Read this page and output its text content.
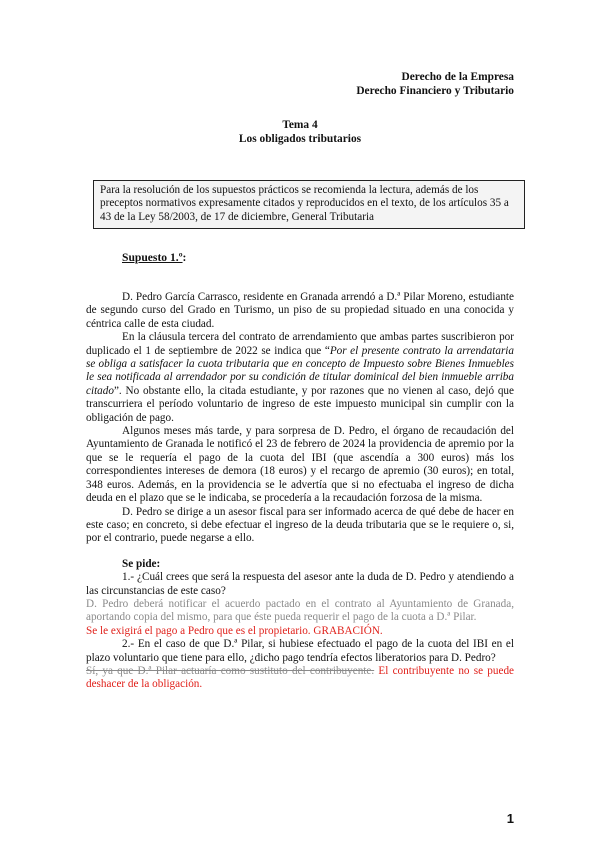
Derecho de la Empresa
Derecho Financiero y Tributario
Tema 4
Los obligados tributarios
Para la resolución de los supuestos prácticos se recomienda la lectura, además de los preceptos normativos expresamente citados y reproducidos en el texto, de los artículos 35 a 43 de la Ley 58/2003, de 17 de diciembre, General Tributaria
Supuesto 1.º:

D. Pedro García Carrasco, residente en Granada arrendó a D.ª Pilar Moreno, estudiante de segundo curso del Grado en Turismo, un piso de su propiedad situado en una conocida y céntrica calle de esta ciudad.

En la cláusula tercera del contrato de arrendamiento que ambas partes suscribieron por duplicado el 1 de septiembre de 2022 se indica que “Por el presente contrato la arrendataria se obliga a satisfacer la cuota tributaria que en concepto de Impuesto sobre Bienes Inmuebles le sea notificada al arrendador por su condición de titular dominical del bien inmueble arriba citado”. No obstante ello, la citada estudiante, y por razones que no vienen al caso, dejó que transcurriera el período voluntario de ingreso de este impuesto municipal sin cumplir con la obligación de pago.

Algunos meses más tarde, y para sorpresa de D. Pedro, el órgano de recaudación del Ayuntamiento de Granada le notificó el 23 de febrero de 2024 la providencia de apremio por la que se le requería el pago de la cuota del IBI (que ascendía a 300 euros) más los correspondientes intereses de demora (18 euros) y el recargo de apremio (30 euros); en total, 348 euros. Además, en la providencia se le advertía que si no efectuaba el ingreso de dicha deuda en el plazo que se le indicaba, se procedería a la recaudación forzosa de la misma.

D. Pedro se dirige a un asesor fiscal para ser informado acerca de qué debe de hacer en este caso; en concreto, si debe efectuar el ingreso de la deuda tributaria que se le requiere o, si, por el contrario, puede negarse a ello.

Se pide:

1.- ¿Cuál crees que será la respuesta del asesor ante la duda de D. Pedro y atendiendo a las circunstancias de este caso?

D. Pedro deberá notificar el acuerdo pactado en el contrato al Ayuntamiento de Granada, aportando copia del mismo, para que éste pueda requerir el pago de la cuota a D.ª Pilar.

Se le exigirá el pago a Pedro que es el propietario. GRABACIÓN.

2.- En el caso de que D.ª Pilar, si hubiese efectuado el pago de la cuota del IBI en el plazo voluntario que tiene para ello, ¿dicho pago tendría efectos liberatorios para D. Pedro?

Sí, ya que D.ª Pilar actuaría como sustituto del contribuyente. El contribuyente no se puede deshacer de la obligación.

1
